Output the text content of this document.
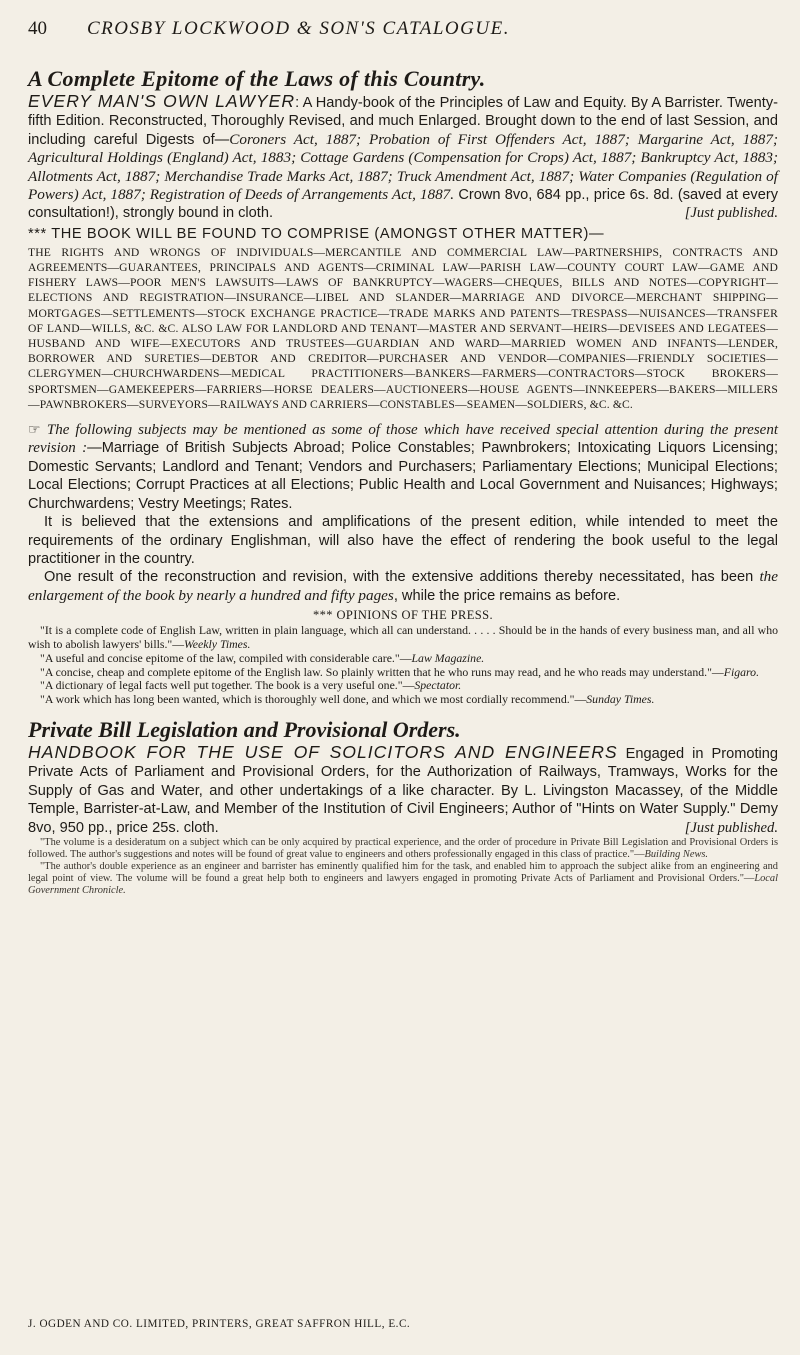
40 CROSBY LOCKWOOD & SON'S CATALOGUE.
A Complete Epitome of the Laws of this Country.

EVERY MAN'S OWN LAWYER: A Handy-book of the Principles of Law and Equity. By A Barrister. Twenty-fifth Edition. Reconstructed, Thoroughly Revised, and much Enlarged. Brought down to the end of last Session, and including careful Digests of—Coroners Act, 1887; Probation of First Offenders Act, 1887; Margarine Act, 1887; Agricultural Holdings (England) Act, 1883; Cottage Gardens (Compensation for Crops) Act, 1887; Bankruptcy Act, 1883; Allotments Act, 1887; Merchandise Trade Marks Act, 1887; Truck Amendment Act, 1887; Water Companies (Regulation of Powers) Act, 1887; Registration of Deeds of Arrangements Act, 1887. Crown 8vo, 684 pp., price 6s. 8d. (saved at every consultation!), strongly bound in cloth.	[Just published.

*** THE BOOK WILL BE FOUND TO COMPRISE (AMONGST OTHER MATTER)—
THE RIGHTS AND WRONGS OF INDIVIDUALS—MERCANTILE AND COMMERCIAL LAW—PARTNERSHIPS, CONTRACTS AND AGREEMENTS—GUARANTEES, PRINCIPALS AND AGENTS—CRIMINAL LAW—PARISH LAW—COUNTY COURT LAW—GAME AND FISHERY LAWS—POOR MEN'S LAWSUITS—LAWS OF BANKRUPTCY—WAGERS—CHEQUES, BILLS AND NOTES—COPYRIGHT—ELECTIONS AND REGISTRATION—INSURANCE—LIBEL AND SLANDER—MARRIAGE AND DIVORCE—MERCHANT SHIPPING—MORTGAGES—SETTLEMENTS—STOCK EXCHANGE PRACTICE—TRADE MARKS AND PATENTS—TRESPASS—NUISANCES—TRANSFER OF LAND—WILLS, &C. &C. ALSO LAW FOR LANDLORD AND TENANT—MASTER AND SERVANT—HEIRS—DEVISEES AND LEGATEES—HUSBAND AND WIFE—EXECUTORS AND TRUSTEES—GUARDIAN AND WARD—MARRIED WOMEN AND INFANTS—LENDER, BORROWER AND SURETIES—DEBTOR AND CREDITOR—PURCHASER AND VENDOR—COMPANIES—FRIENDLY SOCIETIES—CLERGYMEN—CHURCHWARDENS—MEDICAL PRACTITIONERS—BANKERS—FARMERS—CONTRACTORS—STOCK BROKERS—SPORTSMEN—GAMEKEEPERS—FARRIERS—HORSE DEALERS—AUCTIONEERS—HOUSE AGENTS—INNKEEPERS—BAKERS—MILLERS—PAWNBROKERS—SURVEYORS—RAILWAYS AND CARRIERS—CONSTABLES—SEAMEN—SOLDIERS, &C. &C.

☞ The following subjects may be mentioned as some of those which have received special attention during the present revision :—Marriage of British Subjects Abroad; Police Constables; Pawnbrokers; Intoxicating Liquors Licensing; Domestic Servants; Landlord and Tenant; Vendors and Purchasers; Parliamentary Elections; Municipal Elections; Local Elections; Corrupt Practices at all Elections; Public Health and Local Government and Nuisances; Highways; Churchwardens; Vestry Meetings; Rates.

It is believed that the extensions and amplifications of the present edition, while intended to meet the requirements of the ordinary Englishman, will also have the effect of rendering the book useful to the legal practitioner in the country.

One result of the reconstruction and revision, with the extensive additions thereby necessitated, has been the enlargement of the book by nearly a hundred and fifty pages, while the price remains as before.

*** OPINIONS OF THE PRESS.

"It is a complete code of English Law, written in plain language, which all can understand. . . . . Should be in the hands of every business man, and all who wish to abolish lawyers' bills."—Weekly Times.

"A useful and concise epitome of the law, compiled with considerable care."—Law Magazine.

"A concise, cheap and complete epitome of the English law. So plainly written that he who runs may read, and he who reads may understand."—Figaro.

"A dictionary of legal facts well put together. The book is a very useful one."—Spectator.

"A work which has long been wanted, which is thoroughly well done, and which we most cordially recommend."—Sunday Times.

Private Bill Legislation and Provisional Orders.

HANDBOOK FOR THE USE OF SOLICITORS AND ENGINEERS Engaged in Promoting Private Acts of Parliament and Provisional Orders, for the Authorization of Railways, Tramways, Works for the Supply of Gas and Water, and other undertakings of a like character. By L. Livingston Macassey, of the Middle Temple, Barrister-at-Law, and Member of the Institution of Civil Engineers; Author of "Hints on Water Supply." Demy 8vo, 950 pp., price 25s. cloth.	[Just published.

"The volume is a desideratum on a subject which can be only acquired by practical experience, and the order of procedure in Private Bill Legislation and Provisional Orders is followed. The author's suggestions and notes will be found of great value to engineers and others professionally engaged in this class of practice."—Building News.

"The author's double experience as an engineer and barrister has eminently qualified him for the task, and enabled him to approach the subject alike from an engineering and legal point of view. The volume will be found a great help both to engineers and lawyers engaged in promoting Private Acts of Parliament and Provisional Orders."—Local Government Chronicle.

J. OGDEN AND CO. LIMITED, PRINTERS, GREAT SAFFRON HILL, E.C.
